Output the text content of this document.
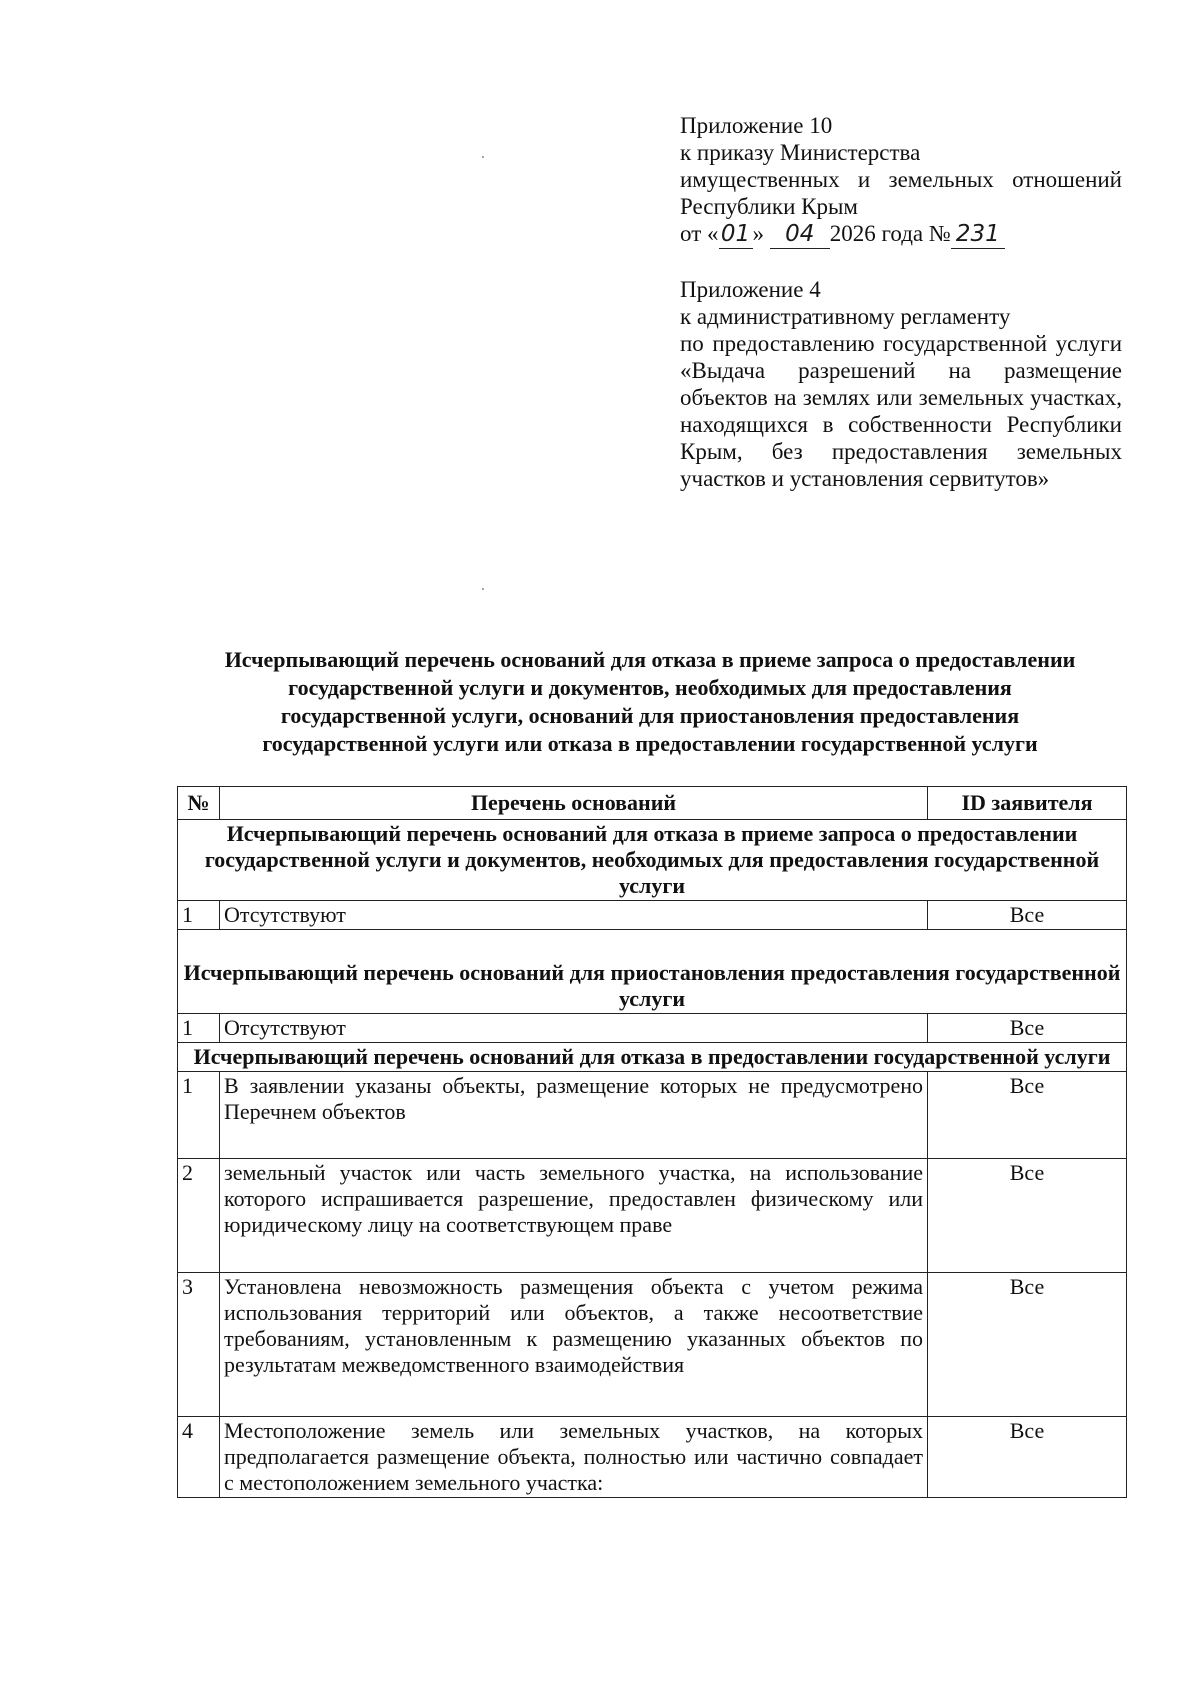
Приложение 10
к приказу Министерства
имущественных и земельных отношений
Республики Крым
от « 01 » 04 2026 года № 231
Приложение 4
к административному регламенту
по предоставлению государственной услуги «Выдача разрешений на размещение объектов на землях или земельных участках, находящихся в собственности Республики Крым, без предоставления земельных участков и установления сервитутов»
Исчерпывающий перечень оснований для отказа в приеме запроса о предоставлении
государственной услуги и документов, необходимых для предоставления
государственной услуги, оснований для приостановления предоставления
государственной услуги или отказа в предоставлении государственной услуги
№	Перечень оснований	ID заявителя
Исчерпывающий перечень оснований для отказа в приеме запроса о предоставлении государственной услуги и документов, необходимых для предоставления государственной услуги		
1	Отсутствуют	Все
Исчерпывающий перечень оснований для приостановления предоставления государственной услуги		
1	Отсутствуют	Все
Исчерпывающий перечень оснований для отказа в предоставлении государственной услуги		
1	В заявлении указаны объекты, размещение которых не предусмотрено Перечнем объектов	Все
2	земельный участок или часть земельного участка, на использование которого испрашивается разрешение, предоставлен физическому или юридическому лицу на соответствующем праве	Все
3	Установлена невозможность размещения объекта с учетом режима использования территорий или объектов, а также несоответствие требованиям, установленным к размещению указанных объектов по результатам межведомственного взаимодействия	Все
4	Местоположение земель или земельных участков, на которых предполагается размещение объекта, полностью или частично совпадает с местоположением земельного участка:	Все
